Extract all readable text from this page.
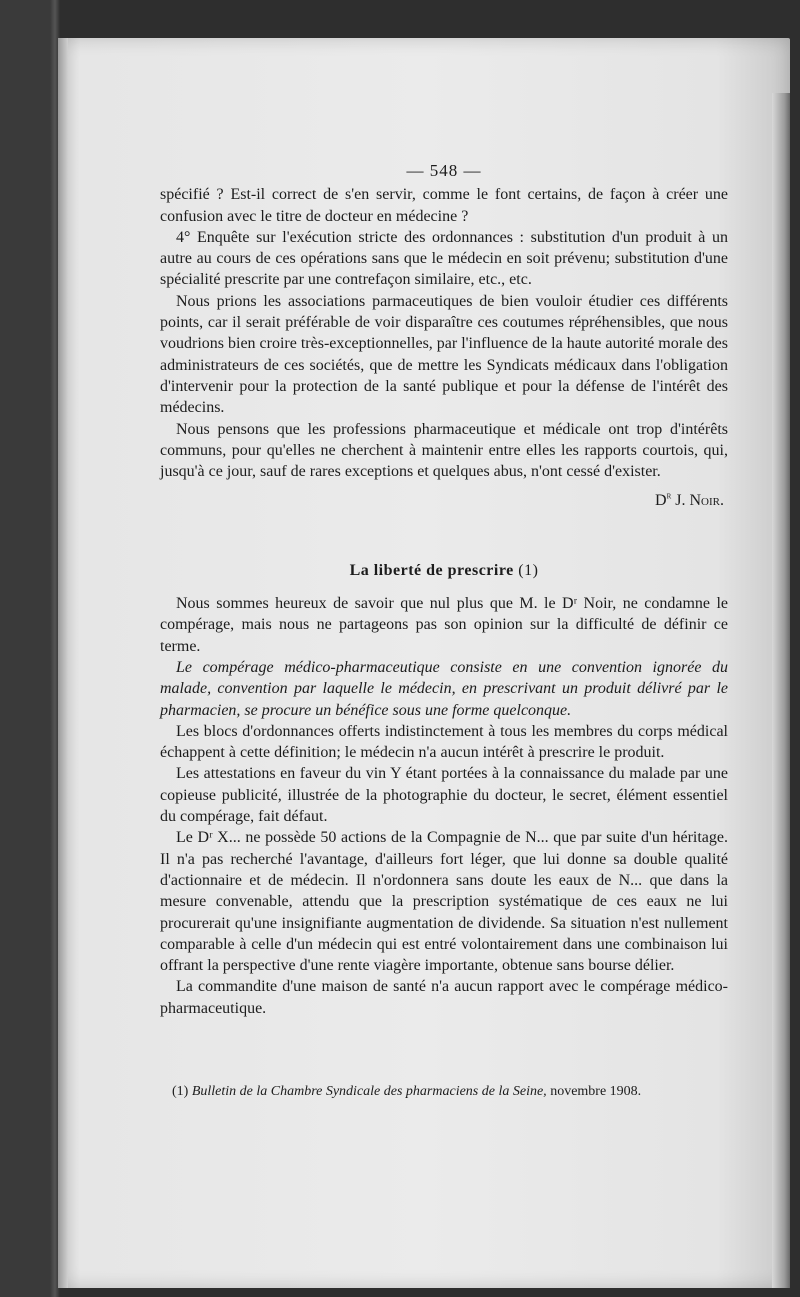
— 548 —

spécifié ? Est-il correct de s'en servir, comme le font certains, de façon à créer une confusion avec le titre de docteur en médecine ?

4° Enquête sur l'exécution stricte des ordonnances : substitution d'un produit à un autre au cours de ces opérations sans que le médecin en soit prévenu; substitution d'une spécialité prescrite par une contrefaçon similaire, etc., etc.

Nous prions les associations parmaceutiques de bien vouloir étudier ces différents points, car il serait préférable de voir disparaître ces coutumes répréhensibles, que nous voudrions bien croire très-exceptionnelles, par l'influence de la haute autorité morale des administrateurs de ces sociétés, que de mettre les Syndicats médicaux dans l'obligation d'intervenir pour la protection de la santé publique et pour la défense de l'intérêt des médecins.

Nous pensons que les professions pharmaceutique et médicale ont trop d'intérêts communs, pour qu'elles ne cherchent à maintenir entre elles les rapports courtois, qui, jusqu'à ce jour, sauf de rares exceptions et quelques abus, n'ont cessé d'exister.

$D^r$ J. Noir.
La liberté de prescrire (1)

Nous sommes heureux de savoir que nul plus que M. le Dʳ Noir, ne condamne le compérage, mais nous ne partageons pas son opinion sur la difficulté de définir ce terme.

Le compérage médico-pharmaceutique consiste en une convention ignorée du malade, convention par laquelle le médecin, en prescrivant un produit délivré par le pharmacien, se procure un bénéfice sous une forme quelconque.

Les blocs d'ordonnances offerts indistinctement à tous les membres du corps médical échappent à cette définition; le médecin n'a aucun intérêt à prescrire le produit.

Les attestations en faveur du vin Y étant portées à la connaissance du malade par une copieuse publicité, illustrée de la photographie du docteur, le secret, élément essentiel du compérage, fait défaut.

Le Dʳ X... ne possède 50 actions de la Compagnie de N... que par suite d'un héritage. Il n'a pas recherché l'avantage, d'ailleurs fort léger, que lui donne sa double qualité d'actionnaire et de médecin. Il n'ordonnera sans doute les eaux de N... que dans la mesure convenable, attendu que la prescription systématique de ces eaux ne lui procurerait qu'une insignifiante augmentation de dividende. Sa situation n'est nullement comparable à celle d'un médecin qui est entré volontairement dans une combinaison lui offrant la perspective d'une rente viagère importante, obtenue sans bourse délier.

La commandite d'une maison de santé n'a aucun rapport avec le compérage médico-pharmaceutique.

(1) Bulletin de la Chambre Syndicale des pharmaciens de la Seine, novembre 1908.
